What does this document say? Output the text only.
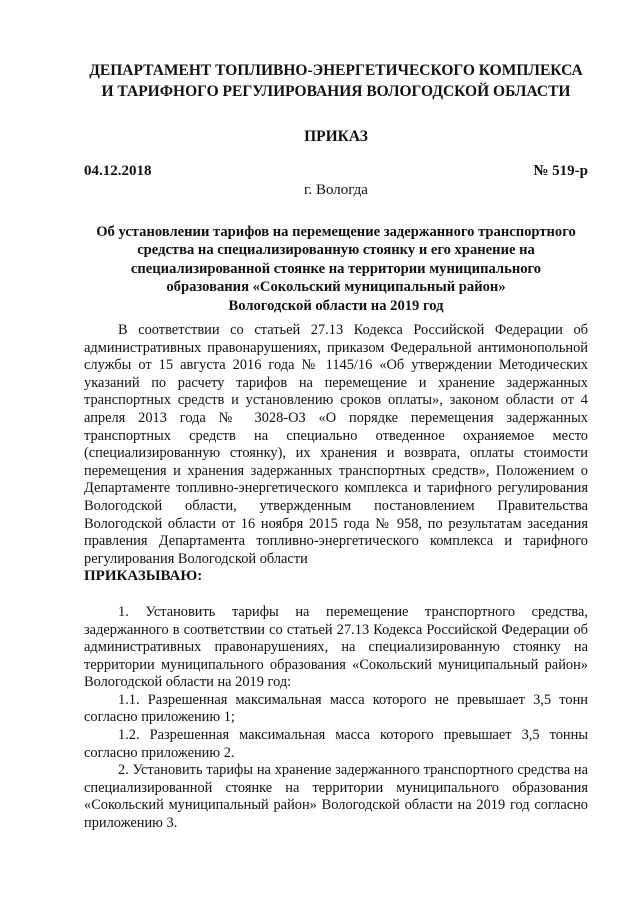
ДЕПАРТАМЕНТ ТОПЛИВНО-ЭНЕРГЕТИЧЕСКОГО КОМПЛЕКСА
И ТАРИФНОГО РЕГУЛИРОВАНИЯ ВОЛОГОДСКОЙ ОБЛАСТИ
ПРИКАЗ
04.12.2018	№ 519-р
г. Вологда
Об установлении тарифов на перемещение задержанного транспортного
средства на специализированную стоянку и его хранение на
специализированной стоянке на территории муниципального
образования «Сокольский муниципальный район»
Вологодской области на 2019 год

В соответствии со статьей 27.13 Кодекса Российской Федерации об административных правонарушениях, приказом Федеральной антимонопольной службы от 15 августа 2016 года № 1145/16 «Об утверждении Методических указаний по расчету тарифов на перемещение и хранение задержанных транспортных средств и установлению сроков оплаты», законом области от 4 апреля 2013 года № 3028-ОЗ «О порядке перемещения задержанных транспортных средств на специально отведенное охраняемое место (специализированную стоянку), их хранения и возврата, оплаты стоимости перемещения и хранения задержанных транспортных средств», Положением о Департаменте топливно-энергетического комплекса и тарифного регулирования Вологодской области, утвержденным постановлением Правительства Вологодской области от 16 ноября 2015 года № 958, по результатам заседания правления Департамента топливно-энергетического комплекса и тарифного регулирования Вологодской области

ПРИКАЗЫВАЮ:

1. Установить тарифы на перемещение транспортного средства, задержанного в соответствии со статьей 27.13 Кодекса Российской Федерации об административных правонарушениях, на специализированную стоянку на территории муниципального образования «Сокольский муниципальный район» Вологодской области на 2019 год:

1.1. Разрешенная максимальная масса которого не превышает 3,5 тонн согласно приложению 1;

1.2. Разрешенная максимальная масса которого превышает 3,5 тонны согласно приложению 2.

2. Установить тарифы на хранение задержанного транспортного средства на специализированной стоянке на территории муниципального образования «Сокольский муниципальный район» Вологодской области на 2019 год согласно приложению 3.
